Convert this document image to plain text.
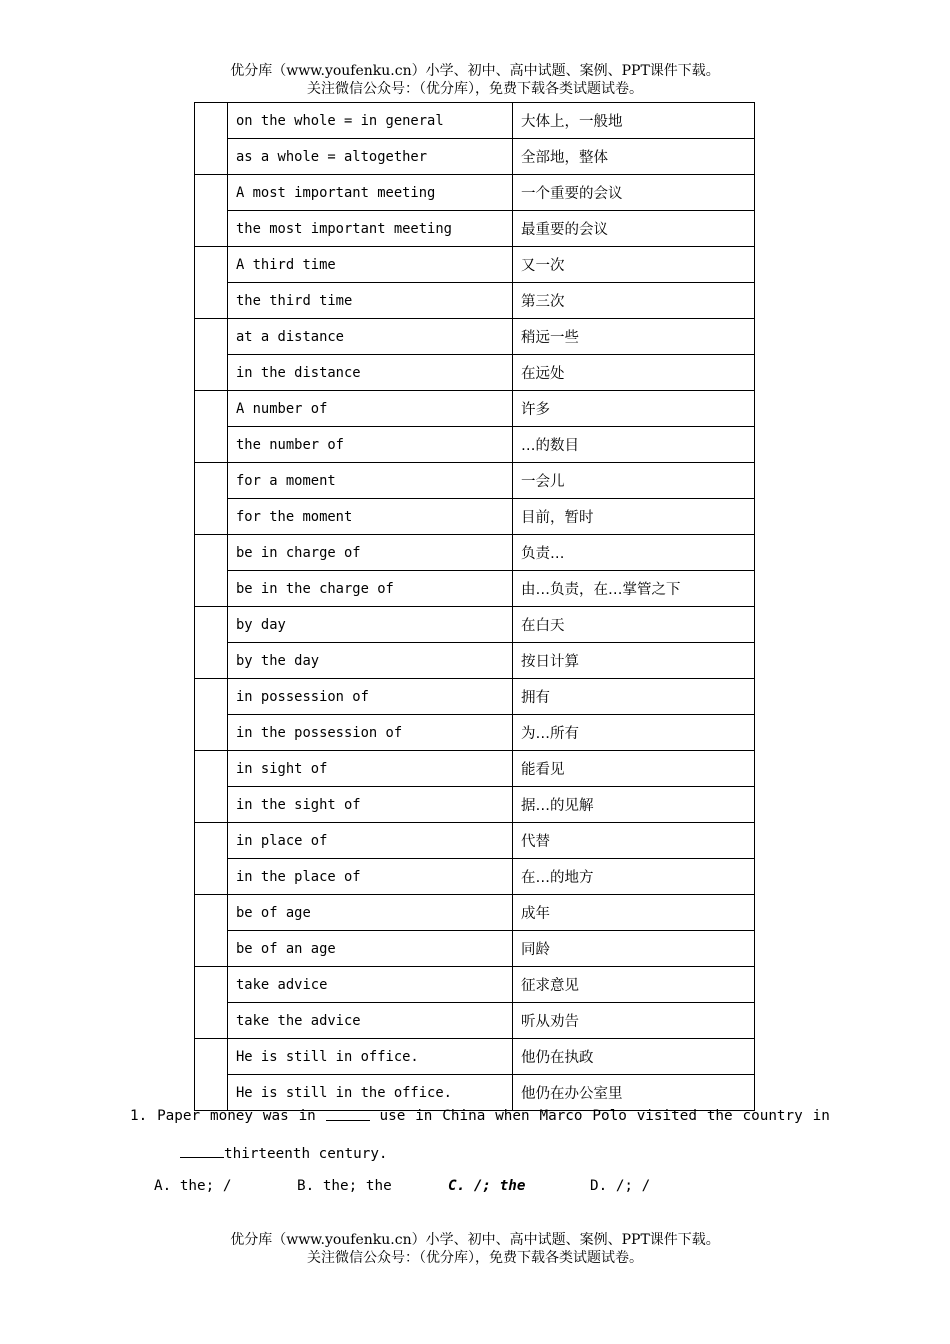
优分库（www.youfenku.cn）小学、初中、高中试题、案例、PPT课件下载。
关注微信公众号：（优分库），免费下载各类试题试卷。
	on the whole = in general	大体上，一般地
	as a whole = altogether	全部地，整体
	A most important meeting	一个重要的会议
	the most important meeting	最重要的会议
	A third time	又一次
	the third time	第三次
	at a distance	稍远一些
	in the distance	在远处
	A number of	许多
	the number of	…的数目
	for a moment	一会儿
	for the moment	目前，暂时
	be in charge of	负责…
	be in the charge of	由…负责，在…掌管之下
	by day	在白天
	by the day	按日计算
	in possession of	拥有
	in the possession of	为…所有
	in sight of	能看见
	in the sight of	据…的见解
	in place of	代替
	in the place of	在…的地方
	be of age	成年
	be of an age	同龄
	take advice	征求意见
	take the advice	听从劝告
	He is still in office.	他仍在执政
	He is still in the office.	他仍在办公室里
1. Paper money was in	use in China when Marco Polo visited the country in
thirteenth century.
A. the; /	B. the; the	C. /; the	D. /; /
优分库（www.youfenku.cn）小学、初中、高中试题、案例、PPT课件下载。
关注微信公众号：（优分库），免费下载各类试题试卷。
